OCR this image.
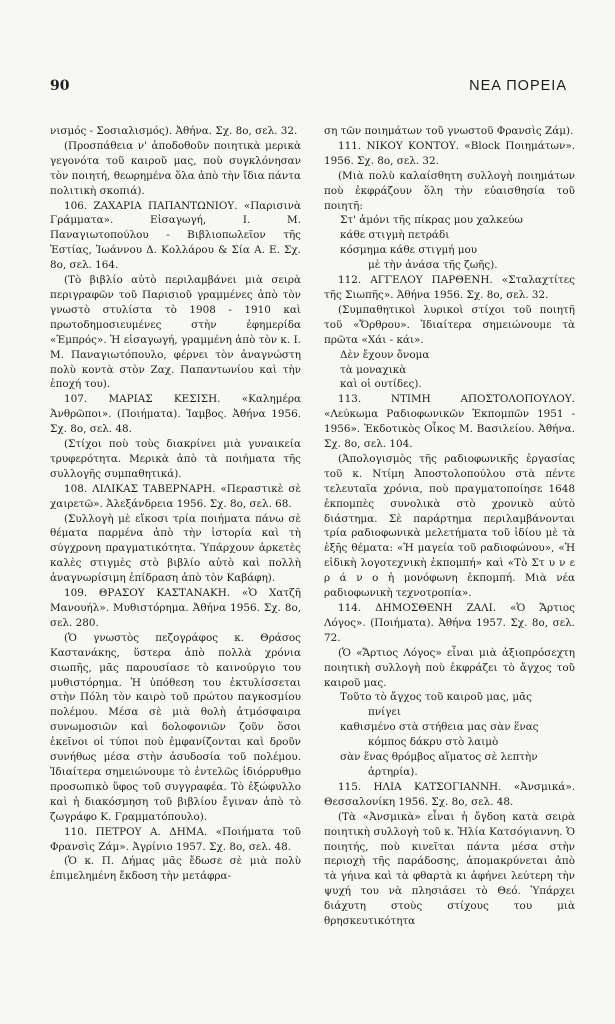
90	ΝΕΑ ΠΟΡΕΙΑ

νισμός - Σοσιαλισμός). Ἀθήνα. Σχ. 8ο, σελ. 32.

(Προσπάθεια ν' ἀποδοθοῦν ποιητικὰ μερικὰ γεγονότα τοῦ καιροῦ μας, ποὺ συγκλόνησαν τὸν ποιητή, θεωρημένα ὅλα ἀπὸ τὴν ἴδια πάντα πολιτικὴ σκοπιά).

106. ΖΑΧΑΡΙΑ ΠΑΠΑΝΤΩΝΙΟΥ. «Παρισινὰ Γράμματα». Εἰσαγωγή, Ι. Μ. Παναγιωτοπούλου - Βιβλιοπωλεῖον τῆς Ἑστίας, Ἰωάννου Δ. Κολλάρου & Σία Α. Ε. Σχ. 8ο, σελ. 164.

(Τὸ βιβλίο αὐτὸ περιλαμβάνει μιὰ σειρὰ περιγραφῶν τοῦ Παρισιοῦ γραμμένες ἀπὸ τὸν γνωστὸ στυλίστα τὸ 1908 - 1910 καὶ πρωτοδημοσιευμένες στὴν ἐφημερίδα «Ἐμπρός». Ἡ εἰσαγωγή, γραμμένη ἀπὸ τὸν κ. Ι. Μ. Παναγιωτόπουλο, φέρνει τὸν ἀναγνώστη πολὺ κοντὰ στὸν Ζαχ. Παπαντωνίου καὶ τὴν ἐποχή του).

107. ΜΑΡΙΑΣ ΚΕΣΙΣΗ. «Καλημέρα Ἀνθρῶποι». (Ποιήματα). Ἰαμβος. Ἀθήνα 1956. Σχ. 8ο, σελ. 48.

(Στίχοι ποὺ τοὺς διακρίνει μιὰ γυναικεία τρυφερότητα. Μερικὰ ἀπὸ τὰ ποιήματα τῆς συλλογῆς συμπαθητικά).

108. ΛΙΛΙΚΑΣ ΤΑΒΕΡΝΑΡΗ. «Περαστικὲ σὲ χαιρετῶ». Ἀλεξάνδρεια 1956. Σχ. 8ο, σελ. 68.

(Συλλογὴ μὲ εἴκοσι τρία ποιήματα πάνω σὲ θέματα παρμένα ἀπὸ τὴν ἱστορία καὶ τὴ σύγχρονη πραγματικότητα. Ὑπάρχουν ἀρκετὲς καλὲς στιγμὲς στὸ βιβλίο αὐτὸ καὶ πολλὴ ἀναγνωρίσιμη ἐπίδραση ἀπὸ τὸν Καβάφη).

109. ΘΡΑΣΟΥ ΚΑΣΤΑΝΑΚΗ. «Ὁ Χατζῆ Μανουήλ». Μυθιστόρημα. Ἀθήνα 1956. Σχ. 8ο, σελ. 280.

(Ὁ γνωστὸς πεζογράφος κ. Θράσος Καστανάκης, ὕστερα ἀπὸ πολλὰ χρόνια σιωπῆς, μᾶς παρουσίασε τὸ καινούργιο του μυθιστόρημα. Ἡ ὑπόθεση του ἐκτυλίσσεται στὴν Πόλη τὸν καιρὸ τοῦ πρώτου παγκοσμίου πολέμου. Μέσα σὲ μιὰ θολὴ ἀτμόσφαιρα συνωμοσιῶν καὶ δολοφονιῶν ζοῦν ὅσοι ἐκεῖνοι οἱ τύποι ποὺ ἐμφανίζονται καὶ δροῦν συνήθως μέσα στὴν ἀσυδοσία τοῦ πολέμου. Ἰδιαίτερα σημειώνουμε τὸ ἐντελῶς ἰδιόρρυθμο προσωπικὸ ὕφος τοῦ συγγραφέα. Τὸ ἐξώφυλλο καὶ ἡ διακόσμηση τοῦ βιβλίου ἔγιναν ἀπὸ τὸ ζωγράφο Κ. Γραμματόπουλο).

110. ΠΕΤΡΟΥ Α. ΔΗΜΑ. «Ποιήματα τοῦ Φρανσὶς Ζάμ». Ἀγρίνιο 1957. Σχ. 8ο, σελ. 48.

(Ὁ κ. Π. Δήμας μᾶς ἔδωσε σὲ μιὰ πολὺ ἐπιμελημένη ἔκδοση τὴν μετάφρα-

ση τῶν ποιημάτων τοῦ γνωστοῦ Φρανσὶς Ζάμ).

111. ΝΙΚΟΥ ΚΟΝΤΟΥ. «Block Ποιημάτων». 1956. Σχ. 8ο, σελ. 32.

(Μιὰ πολὺ καλαίσθητη συλλογὴ ποιημάτων ποὺ ἐκφράζουν ὅλη τὴν εὐαισθησία τοῦ ποιητῆ:

Στ' ἀμόνι τῆς πίκρας μου χαλκεύω

κάθε στιγμὴ πετράδι

κόσμημα κάθε στιγμή μου

μὲ τὴν ἀνάσα τῆς ζωῆς).

112. ΑΓΓΕΛΟΥ ΠΑΡΘΕΝΗ. «Σταλαχτίτες τῆς Σιωπῆς». Ἀθήνα 1956. Σχ. 8ο, σελ. 32.

(Συμπαθητικοὶ λυρικοὶ στίχοι τοῦ ποιητῆ τοῦ «Ὄρθρου». Ἰδιαίτερα σημειώνουμε τὰ πρῶτα «Χάι - κάι».

Δὲν ἔχουν ὄνομα

τὰ μοναχικὰ

καὶ οἱ ουτίδες).

113. ΝΤΙΜΗ ΑΠΟΣΤΟΛΟΠΟΥΛΟΥ. «Λεύκωμα Ραδιοφωνικῶν Ἐκπομπῶν 1951 - 1956». Ἐκδοτικὸς Οἶκος Μ. Βασιλείου. Ἀθήνα. Σχ. 8ο, σελ. 104.

(Ἀπολογισμὸς τῆς ραδιοφωνικῆς ἐργασίας τοῦ κ. Ντίμη Ἀποστολοπούλου στὰ πέντε τελευταῖα χρόνια, ποὺ πραγματοποίησε 1648 ἐκπομπὲς συνολικὰ στὸ χρονικὸ αὐτὸ διάστημα. Σὲ παράρτημα περιλαμβάνονται τρία ραδιοφωνικὰ μελετήματα τοῦ ἰδίου μὲ τὰ ἑξῆς θέματα: «Ἡ μαγεία τοῦ ραδιοφώνου», «Ἡ εἰδικὴ λογοτεχνικὴ ἐκπομπή» καὶ «Τὸ Στ υ ν ε ρ ά ν ο ἡ μονόφωνη ἐκπομπή. Μιὰ νέα ραδιοφωνικὴ τεχνοτροπία».

114. ΔΗΜΟΣΘΕΝΗ ΖΑΛΙ. «Ὁ Ἄρτιος Λόγος». (Ποιήματα). Ἀθήνα 1957. Σχ. 8ο, σελ. 72.

(Ὁ «Ἄρτιος Λόγος» εἶναι μιὰ ἀξιοπρόσεχτη ποιητικὴ συλλογὴ ποὺ ἐκφράζει τὸ ἄγχος τοῦ καιροῦ μας.

Τοῦτο τὸ ἄγχος τοῦ καιροῦ μας, μᾶς

πνίγει

καθισμένο στὰ στήθεια μας σὰν ἕνας

κόμπος δάκρυ στὸ λαιμὸ

σὰν ἕνας θρόμβος αἵματος σὲ λεπτὴν

ἀρτηρία).

115. ΗΛΙΑ ΚΑΤΣΟΓΙΑΝΝΗ. «Ἀνσμικά». Θεσσαλονίκη 1956. Σχ. 8ο, σελ. 48.

(Τὰ «Ἀνσμικὰ» εἶναι ἡ ὄγδοη κατὰ σειρὰ ποιητικὴ συλλογὴ τοῦ κ. Ἠλία Κατσόγιαννη. Ὁ ποιητής, ποὺ κινεῖται πάντα μέσα στὴν περιοχὴ τῆς παράδοσης, ἀπομακρύνεται ἀπὸ τὰ γήινα καὶ τὰ φθαρτὰ κι ἀφήνει λεύτερη τὴν ψυχή του νὰ πλησιάσει τὸ Θεό. Ὑπάρχει διάχυτη στοὺς στίχους του μιὰ θρησκευτικότητα
